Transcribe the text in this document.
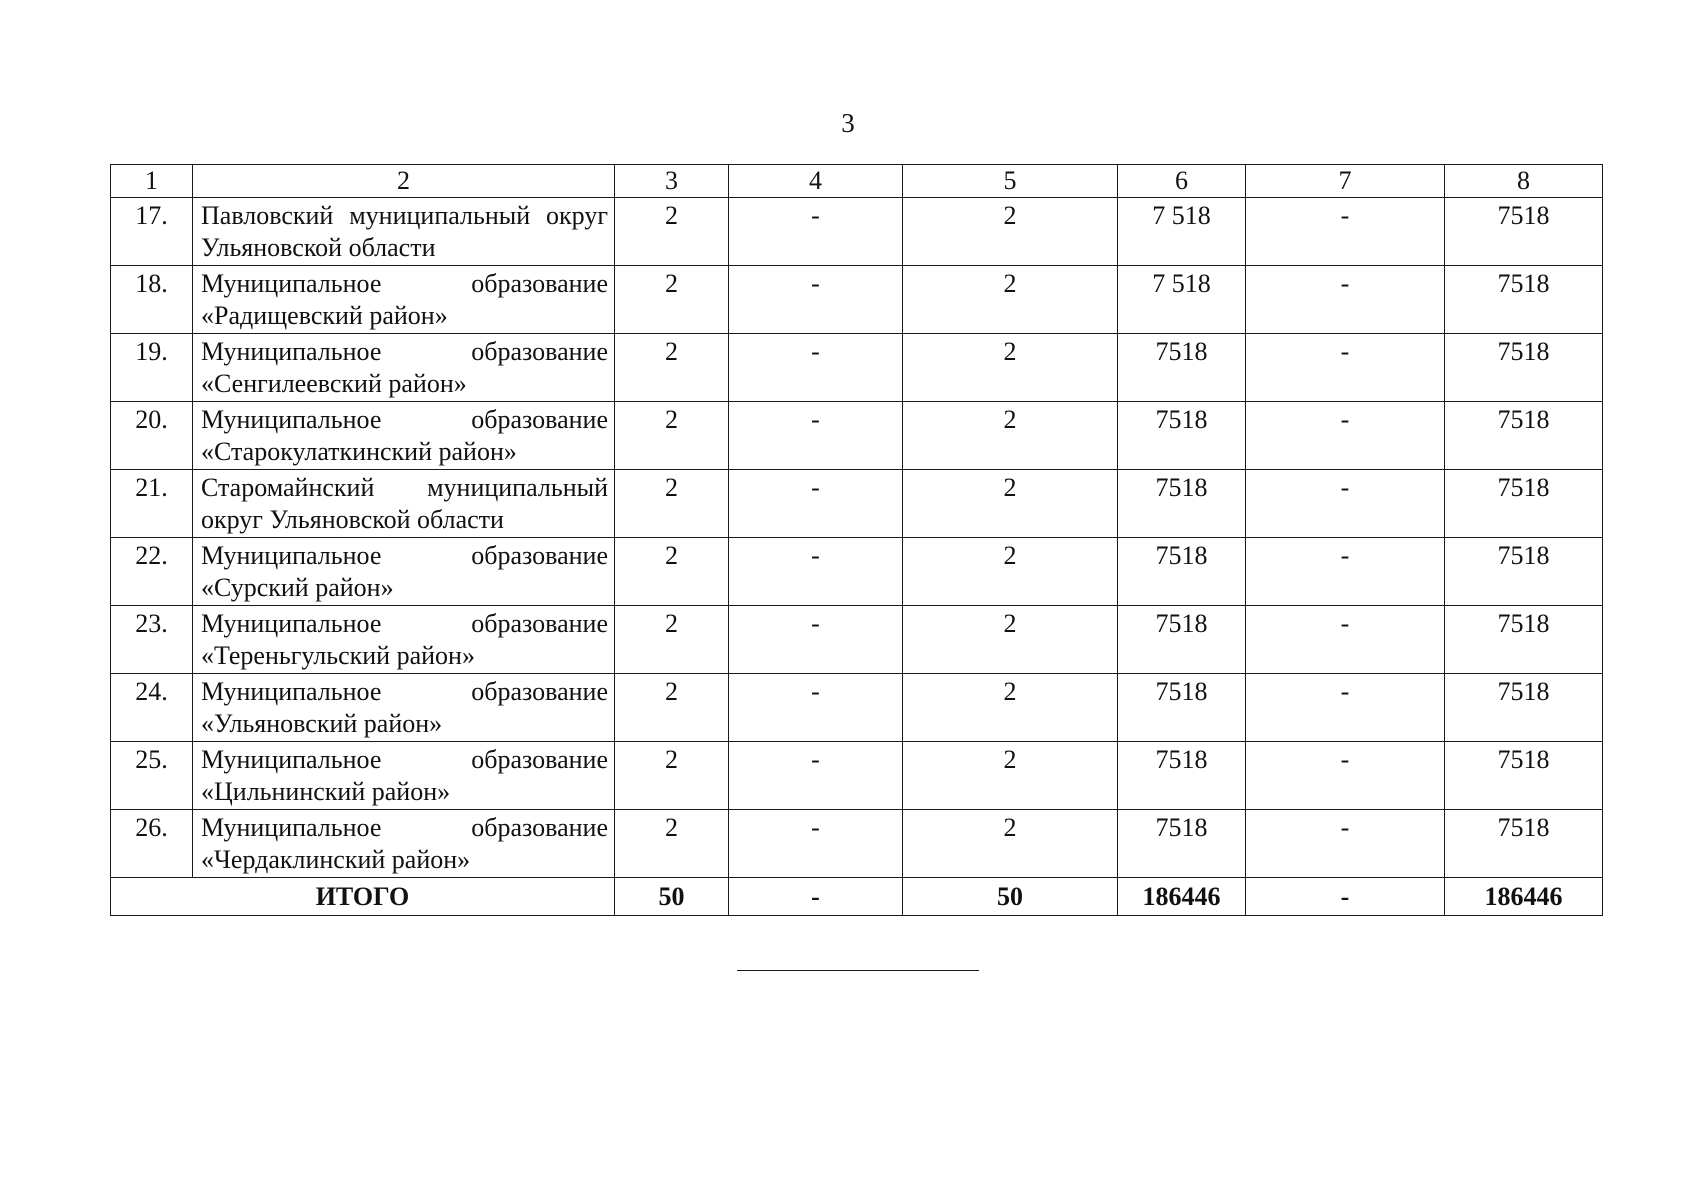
3
1	2	3	4	5	6	7	8
17.	Павловский муниципальный округ Ульяновской области	2	-	2	7 518	-	7518
18.	Муниципальное образование «Радищевский район»	2	-	2	7 518	-	7518
19.	Муниципальное образование «Сенгилеевский район»	2	-	2	7518	-	7518
20.	Муниципальное образование «Старокулаткинский район»	2	-	2	7518	-	7518
21.	Старомайнский муниципальный округ Ульяновской области	2	-	2	7518	-	7518
22.	Муниципальное образование «Сурский район»	2	-	2	7518	-	7518
23.	Муниципальное образование «Тереньгульский район»	2	-	2	7518	-	7518
24.	Муниципальное образование «Ульяновский район»	2	-	2	7518	-	7518
25.	Муниципальное образование «Цильнинский район»	2	-	2	7518	-	7518
26.	Муниципальное образование «Чердаклинский район»	2	-	2	7518	-	7518
ИТОГО		50	-	50	186446	-	186446
